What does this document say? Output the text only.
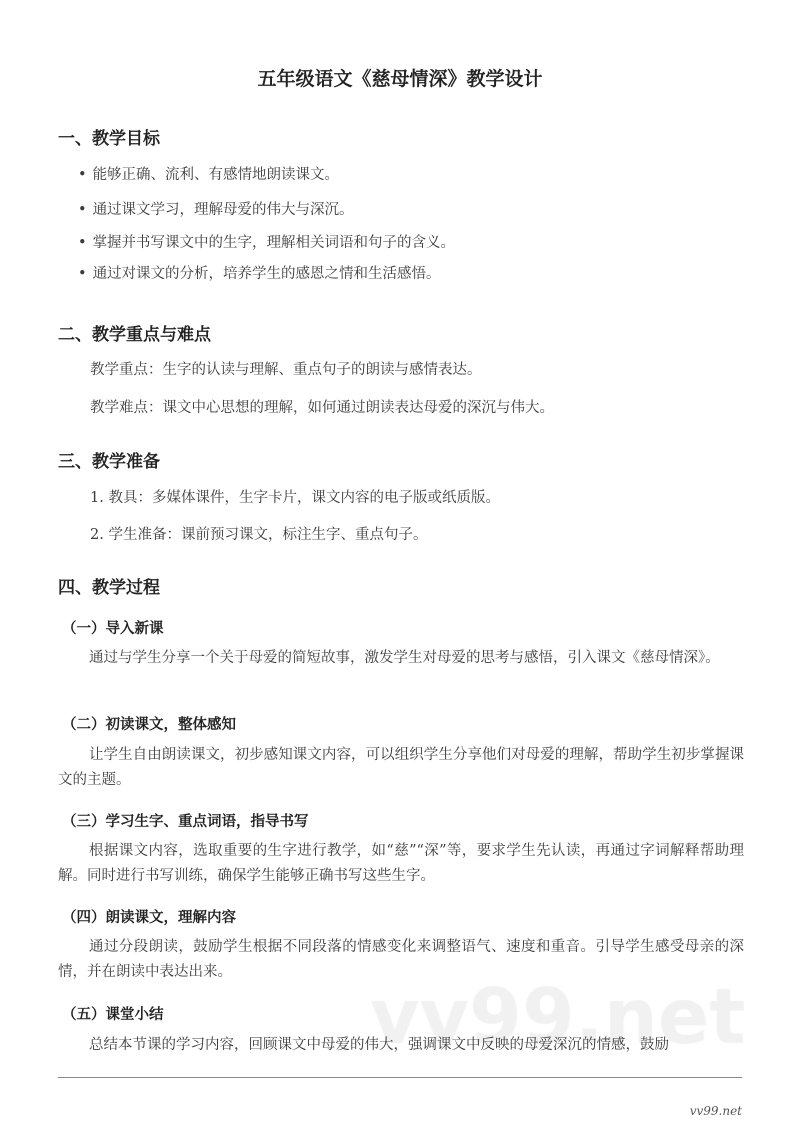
五年级语文《慈母情深》教学设计
一、教学目标
• 能够正确、流利、有感情地朗读课文。
• 通过课文学习，理解母爱的伟大与深沉。
• 掌握并书写课文中的生字，理解相关词语和句子的含义。
• 通过对课文的分析，培养学生的感恩之情和生活感悟。
二、教学重点与难点
教学重点：生字的认读与理解、重点句子的朗读与感情表达。
教学难点：课文中心思想的理解，如何通过朗读表达母爱的深沉与伟大。
三、教学准备
1. 教具：多媒体课件，生字卡片，课文内容的电子版或纸质版。
2. 学生准备：课前预习课文，标注生字、重点句子。
四、教学过程
（一）导入新课
通过与学生分享一个关于母爱的简短故事，激发学生对母爱的思考与感悟，引入课文《慈母情深》。
（二）初读课文，整体感知
让学生自由朗读课文，初步感知课文内容，可以组织学生分享他们对母爱的理解，帮助学生初步掌握课文的主题。
（三）学习生字、重点词语，指导书写
根据课文内容，选取重要的生字进行教学，如“慈”“深”等，要求学生先认读，再通过字词解释帮助理解。同时进行书写训练，确保学生能够正确书写这些生字。
（四）朗读课文，理解内容
通过分段朗读，鼓励学生根据不同段落的情感变化来调整语气、速度和重音。引导学生感受母亲的深情，并在朗读中表达出来。
（五）课堂小结
总结本节课的学习内容，回顾课文中母爱的伟大，强调课文中反映的母爱深沉的情感，鼓励
vv99.net
